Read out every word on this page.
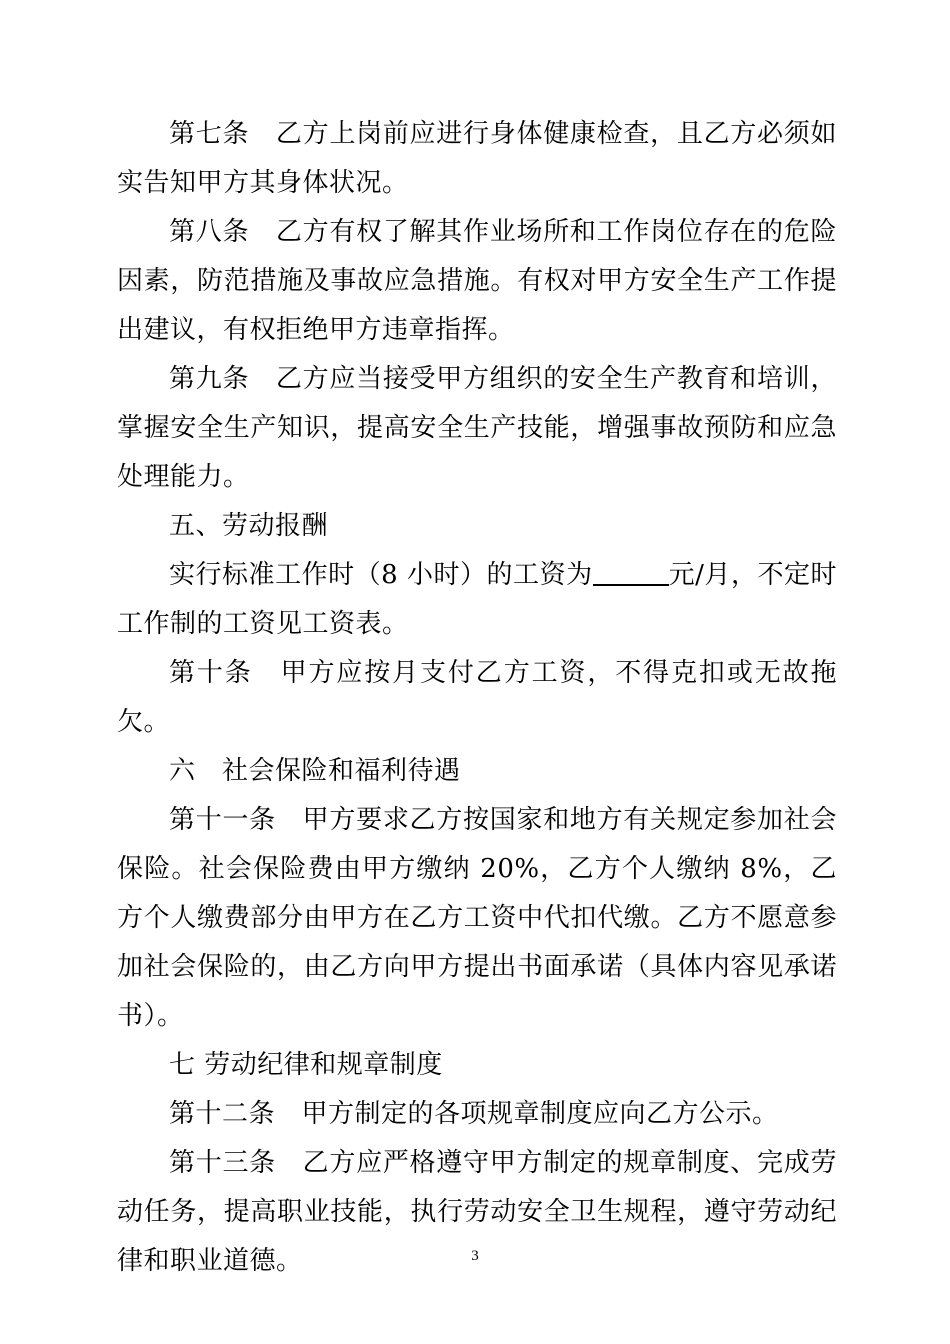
第七条　乙方上岗前应进行身体健康检查，且乙方必须如实告知甲方其身体状况。

第八条　乙方有权了解其作业场所和工作岗位存在的危险因素，防范措施及事故应急措施。有权对甲方安全生产工作提出建议，有权拒绝甲方违章指挥。

第九条　乙方应当接受甲方组织的安全生产教育和培训，掌握安全生产知识，提高安全生产技能，增强事故预防和应急处理能力。

五、劳动报酬

实行标准工作时（8 小时）的工资为	元/月，不定时工作制的工资见工资表。

第十条　甲方应按月支付乙方工资，不得克扣或无故拖欠。

六　社会保险和福利待遇

第十一条　甲方要求乙方按国家和地方有关规定参加社会保险。社会保险费由甲方缴纳 20%，乙方个人缴纳 8%，乙方个人缴费部分由甲方在乙方工资中代扣代缴。乙方不愿意参加社会保险的，由乙方向甲方提出书面承诺（具体内容见承诺书）。

七 劳动纪律和规章制度

第十二条　甲方制定的各项规章制度应向乙方公示。

第十三条　乙方应严格遵守甲方制定的规章制度、完成劳动任务，提高职业技能，执行劳动安全卫生规程，遵守劳动纪律和职业道德。	3
